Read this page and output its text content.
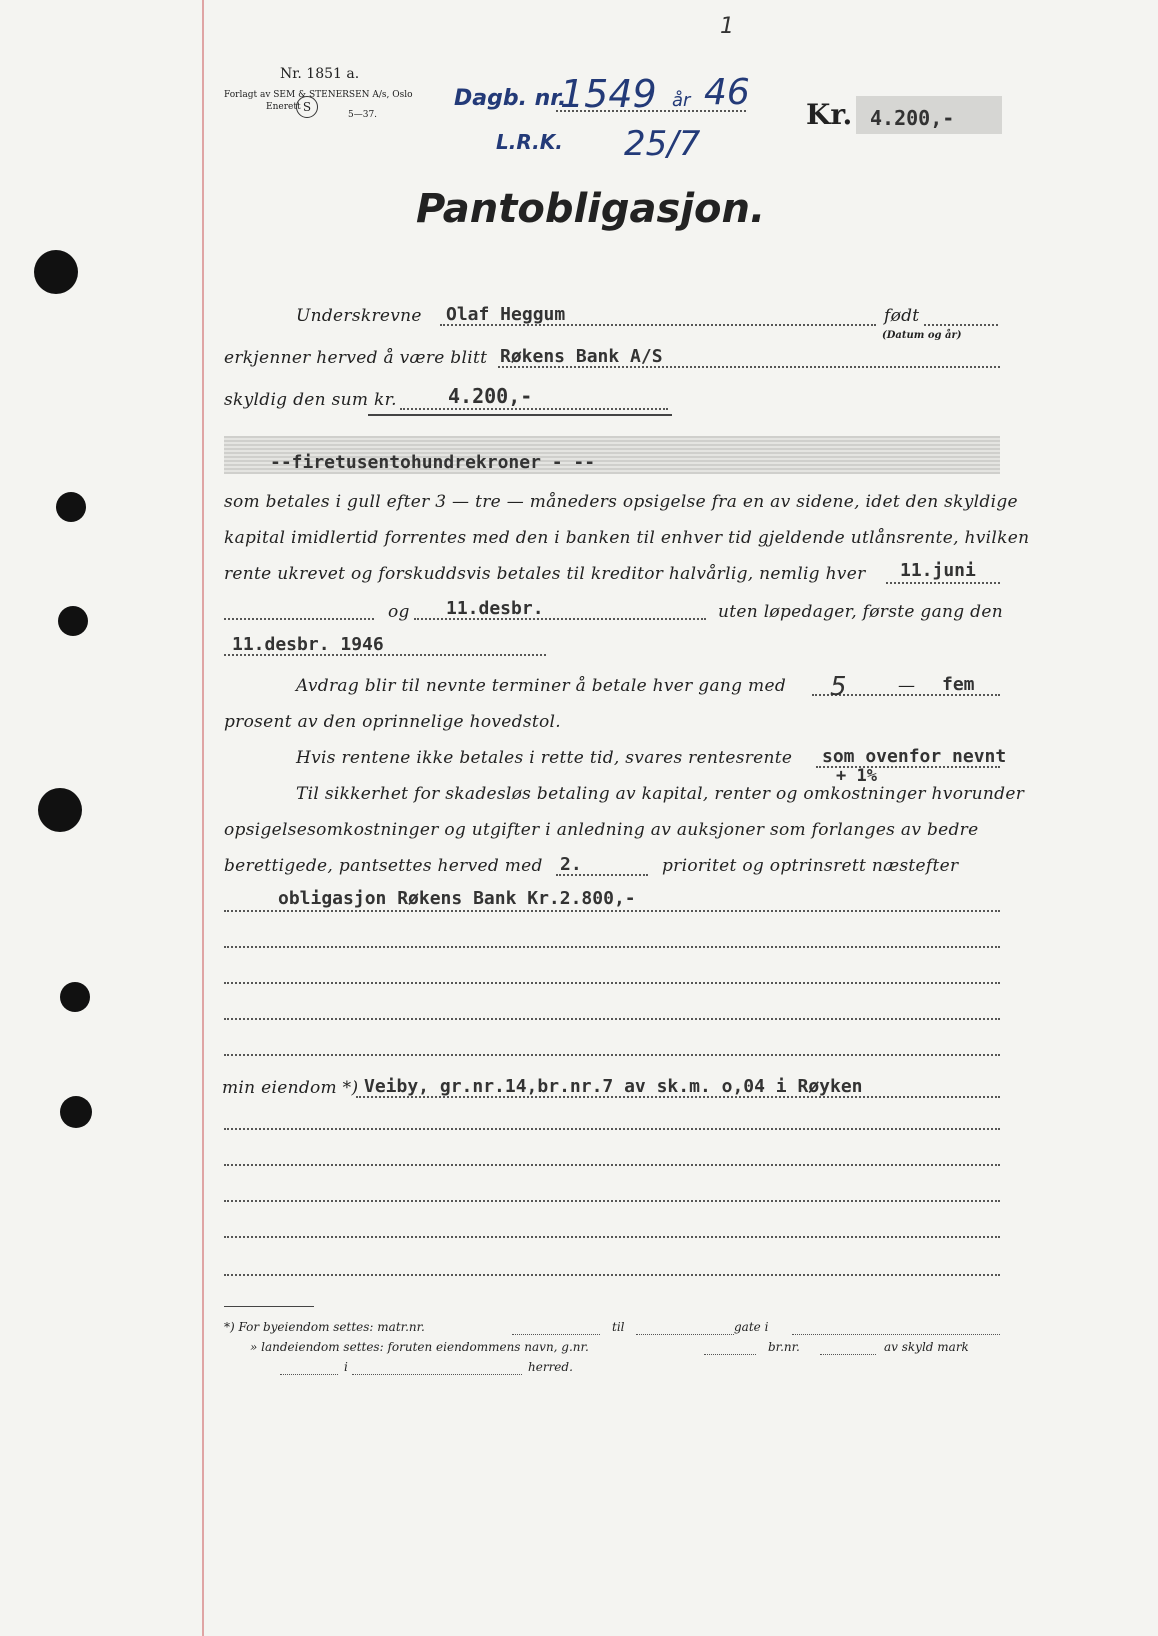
1
Nr. 1851 a.
Forlagt av SEM & STENERSEN A/s, Oslo
Enerett S
5—37.
Dagb. nr.
1549 år 46
L.R.K. 25/7
Kr. 4.200,-
Pantobligasjon.
Underskrevne Olaf Heggum	født
(Datum og år)
erkjenner herved å være blitt Røkens Bank A/S
skyldig den sum kr.	4.200,-
--firetusentohundrekroner - --
som betales i gull efter 3 — tre — måneders opsigelse fra en av sidene, idet den skyldige
kapital imidlertid forrentes med den i banken til enhver tid gjeldende utlånsrente, hvilken
rente ukrevet og forskuddsvis betales til kreditor halvårlig, nemlig hver 11.juni
og 11.desbr.	uten løpedager, første gang den
11.desbr. 1946
Avdrag blir til nevnte terminer å betale hver gang med 5	— fem
prosent av den oprinnelige hovedstol.
Hvis rentene ikke betales i rette tid, svares rentesrente som ovenfor nevnt
+ 1%
Til sikkerhet for skadesløs betaling av kapital, renter og omkostninger hvorunder
opsigelsesomkostninger og utgifter i anledning av auksjoner som forlanges av bedre
berettigede, pantsettes herved med 2.	prioritet og optrinsrett næstefter
obligasjon Røkens Bank Kr.2.800,-
min eiendom *) Veiby, gr.nr.14,br.nr.7 av sk.m. o,04 i Røyken
*) For byeiendom settes: matr.nr.	til	gate i
» landeiendom settes: foruten eiendommens navn, g.nr.	br.nr.	av skyld mark
i	herred.
